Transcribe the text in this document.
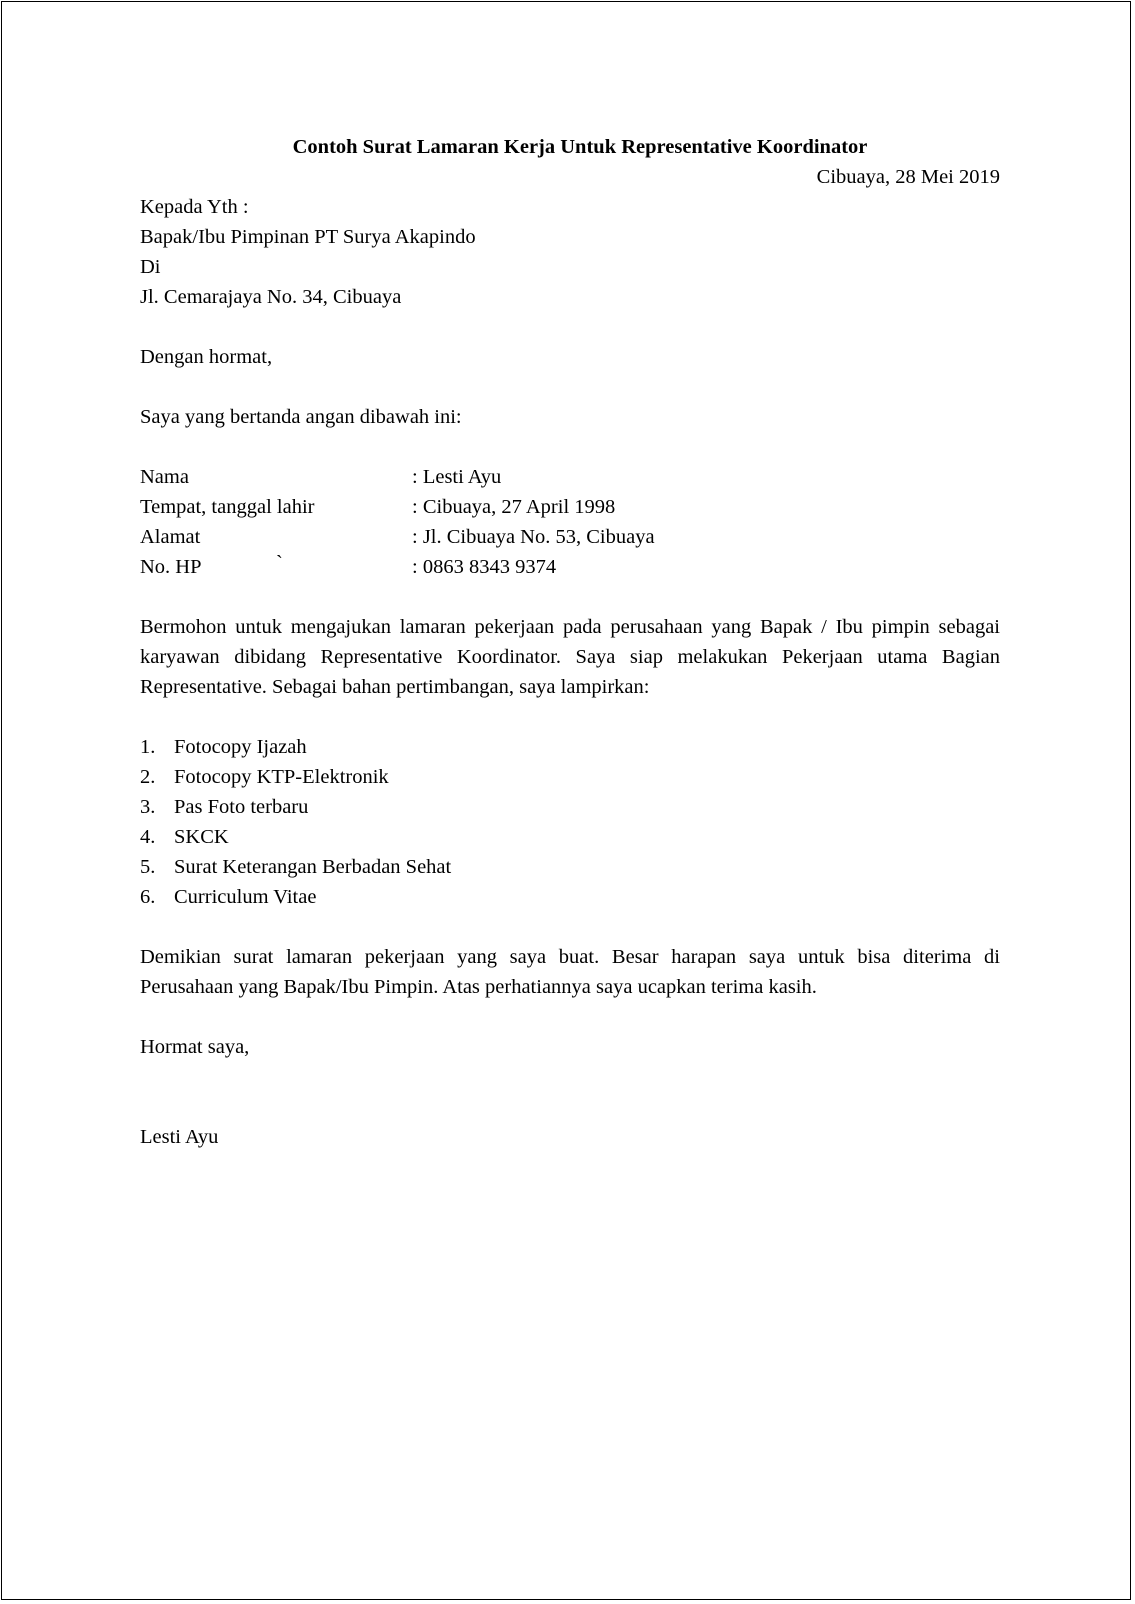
Contoh Surat Lamaran Kerja Untuk Representative Koordinator

Cibuaya, 28 Mei 2019

Kepada Yth :

Bapak/Ibu Pimpinan PT Surya Akapindo

Di

Jl. Cemarajaya No. 34, Cibuaya

Dengan hormat,

Saya yang bertanda angan dibawah ini:

Nama	: Lesti Ayu
Tempat, tanggal lahir	: Cibuaya, 27 April 1998
Alamat	: Jl. Cibuaya No. 53, Cibuaya
No. HP	`	: 0863 8343 9374

Bermohon untuk mengajukan lamaran pekerjaan pada perusahaan yang Bapak / Ibu pimpin sebagai karyawan dibidang Representative Koordinator. Saya siap melakukan Pekerjaan utama Bagian Representative. Sebagai bahan pertimbangan, saya lampirkan:

1. Fotocopy Ijazah
2. Fotocopy KTP-Elektronik
3. Pas Foto terbaru
4. SKCK
5. Surat Keterangan Berbadan Sehat
6. Curriculum Vitae

Demikian surat lamaran pekerjaan yang saya buat. Besar harapan saya untuk bisa diterima di Perusahaan yang Bapak/Ibu Pimpin. Atas perhatiannya saya ucapkan terima kasih.

Hormat saya,

Lesti Ayu
